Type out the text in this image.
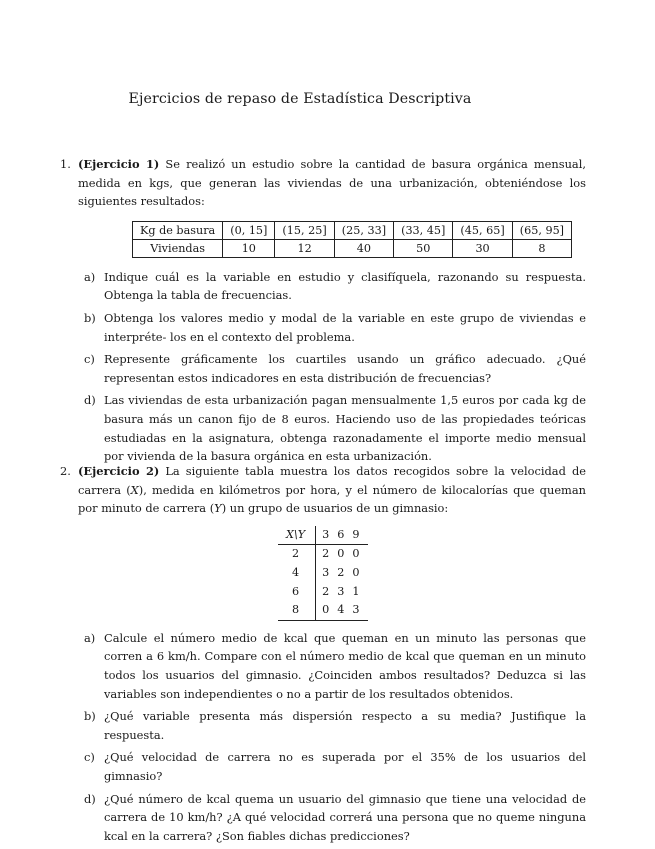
Ejercicios de repaso de Estadística Descriptiva
1. (Ejercicio 1) Se realizó un estudio sobre la cantidad de basura orgánica mensual, medida en kgs, que generan las viviendas de una urbanización, obteniéndose los siguientes resultados:
Kg de basura	(0, 15]	(15, 25]	(25, 33]	(33, 45]	(45, 65]	(65, 95]
Viviendas	10	12	40	50	30	8
a) Indique cuál es la variable en estudio y clasifíquela, razonando su respuesta. Obtenga la tabla de frecuencias.
b) Obtenga los valores medio y modal de la variable en este grupo de viviendas e interpréte- los en el contexto del problema.
c) Represente gráficamente los cuartiles usando un gráfico adecuado. ¿Qué representan estos indicadores en esta distribución de frecuencias?
d) Las viviendas de esta urbanización pagan mensualmente 1,5 euros por cada kg de basura más un canon fijo de 8 euros. Haciendo uso de las propiedades teóricas estudiadas en la asignatura, obtenga razonadamente el importe medio mensual por vivienda de la basura orgánica en esta urbanización.
2. (Ejercicio 2) La siguiente tabla muestra los datos recogidos sobre la velocidad de carrera (X), medida en kilómetros por hora, y el número de kilocalorías que queman por minuto de carrera (Y) un grupo de usuarios de un gimnasio:
X\Y	3	6	9
2	2	0	0
4	3	2	0
6	2	3	1
8	0	4	3
a) Calcule el número medio de kcal que queman en un minuto las personas que corren a 6 km/h. Compare con el número medio de kcal que queman en un minuto todos los usuarios del gimnasio. ¿Coinciden ambos resultados? Deduzca si las variables son independientes o no a partir de los resultados obtenidos.
b) ¿Qué variable presenta más dispersión respecto a su media? Justifique la respuesta.
c) ¿Qué velocidad de carrera no es superada por el 35% de los usuarios del gimnasio?
d) ¿Qué número de kcal quema un usuario del gimnasio que tiene una velocidad de carrera de 10 km/h? ¿A qué velocidad correrá una persona que no queme ninguna kcal en la carrera? ¿Son fiables dichas predicciones?
